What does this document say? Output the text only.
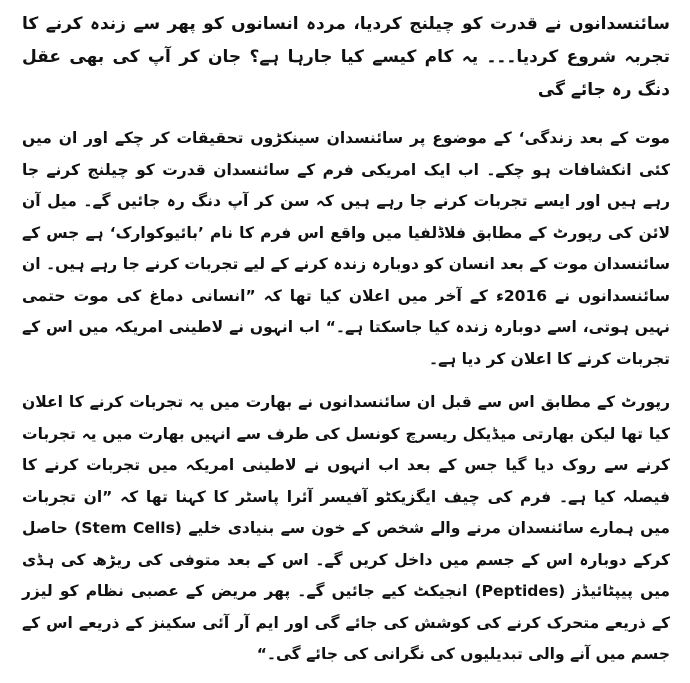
سائنسدانوں نے قدرت کو چیلنج کردیا، مردہ انسانوں کو پھر سے زندہ کرنے کا تجربہ شروع کردیا۔۔۔ یہ کام کیسے کیا جارہا ہے؟ جان کر آپ کی بھی عقل دنگ رہ جائے گی

موت کے بعد زندگی‘ کے موضوع پر سائنسدان سینکڑوں تحقیقات کر چکے اور ان میں کئی انکشافات ہو چکے۔ اب ایک امریکی فرم کے سائنسدان قدرت کو چیلنج کرنے جا رہے ہیں اور ایسے تجربات کرنے جا رہے ہیں کہ سن کر آپ دنگ رہ جائیں گے۔ میل آن لائن کی رپورٹ کے مطابق فلاڈلفیا میں واقع اس فرم کا نام ’بائیوکوارک‘ ہے جس کے سائنسدان موت کے بعد انسان کو دوبارہ زندہ کرنے کے لیے تجربات کرنے جا رہے ہیں۔ ان سائنسدانوں نے 2016ء کے آخر میں اعلان کیا تھا کہ ”انسانی دماغ کی موت حتمی نہیں ہوتی، اسے دوبارہ زندہ کیا جاسکتا ہے۔“ اب انہوں نے لاطینی امریکہ میں اس کے تجربات کرنے کا اعلان کر دیا ہے۔

رپورٹ کے مطابق اس سے قبل ان سائنسدانوں نے بھارت میں یہ تجربات کرنے کا اعلان کیا تھا لیکن بھارتی میڈیکل ریسرچ کونسل کی طرف سے انہیں بھارت میں یہ تجربات کرنے سے روک دیا گیا جس کے بعد اب انہوں نے لاطینی امریکہ میں تجربات کرنے کا فیصلہ کیا ہے۔ فرم کی چیف ایگزیکٹو آفیسر آئرا پاسٹر کا کہنا تھا کہ ”ان تجربات میں ہمارے سائنسدان مرنے والے شخص کے خون سے بنیادی خلیے (Stem Cells) حاصل کرکے دوبارہ اس کے جسم میں داخل کریں گے۔ اس کے بعد متوفی کی ریڑھ کی ہڈی میں پیپٹائیڈز (Peptides) انجیکٹ کیے جائیں گے۔ پھر مریض کے عصبی نظام کو لیزر کے ذریعے متحرک کرنے کی کوشش کی جائے گی اور ایم آر آئی سکینز کے ذریعے اس کے جسم میں آنے والی تبدیلیوں کی نگرانی کی جائے گی۔“
